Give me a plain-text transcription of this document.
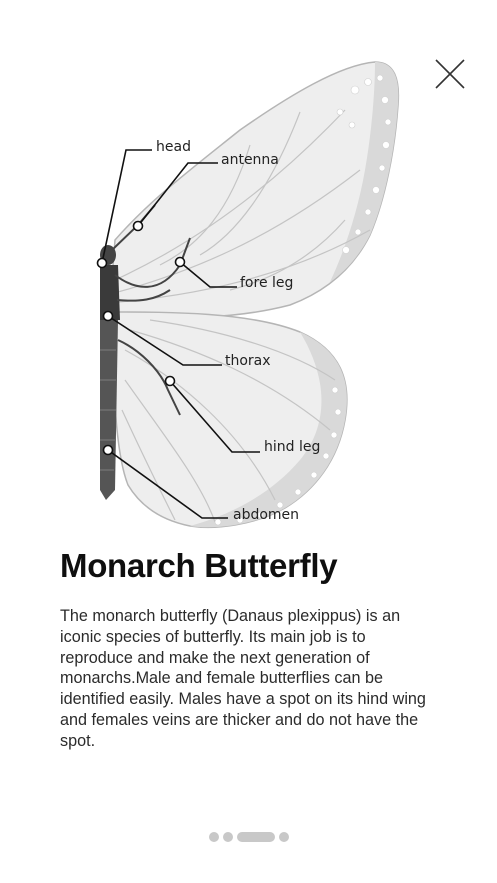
head
antenna
fore leg
thorax
hind leg
abdomen
Monarch Butterfly

The monarch butterfly (Danaus plexippus) is an iconic species of butterfly. Its main job is to reproduce and make the next generation of monarchs.Male and female butterflies can be identified easily. Males have a spot on its hind wing and females veins are thicker and do not have the spot.
